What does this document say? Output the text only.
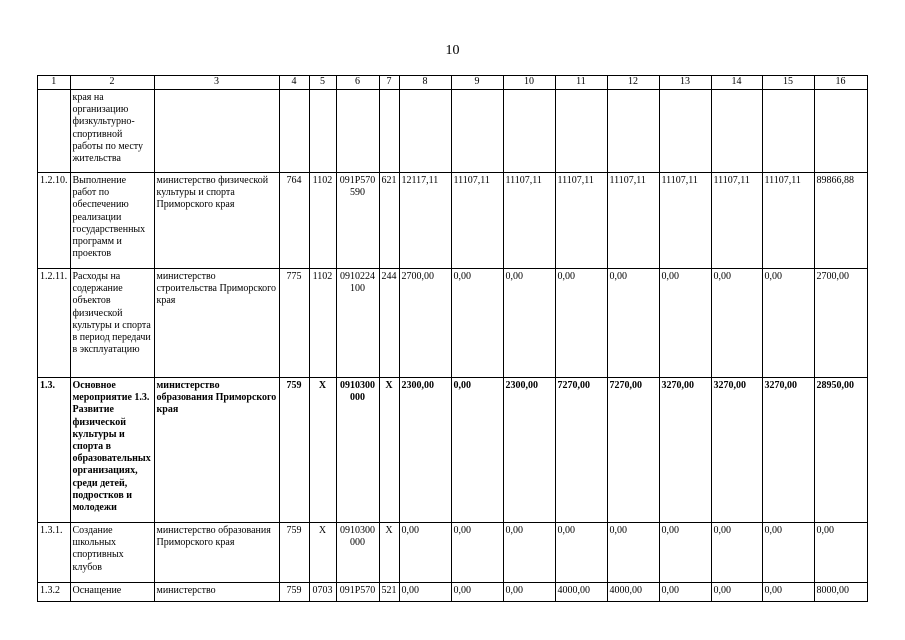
10
1	2	3	4	5	6	7	8	9	10	11	12	13	14	15	16
	края на организацию физкультурно-спортивной работы по месту жительства														
1.2.10.	Выполнение работ по обеспечению реализации государственных программ и проектов	министерство физической культуры и спорта Приморского края	764	1102	091P570590	621	12117,11	11107,11	11107,11	11107,11	11107,11	11107,11	11107,11	11107,11	89866,88
1.2.11.	Расходы на содержание объектов физической культуры и спорта в период передачи в эксплуатацию	министерство строительства Приморского края	775	1102	0910224100	244	2700,00	0,00	0,00	0,00	0,00	0,00	0,00	0,00	2700,00
1.3.	Основное мероприятие 1.3. Развитие физической культуры и спорта в образовательных организациях, среди детей, подростков и молодежи	министерство образования Приморского края	759	X	0910300000	X	2300,00	0,00	2300,00	7270,00	7270,00	3270,00	3270,00	3270,00	28950,00
1.3.1.	Создание школьных спортивных клубов	министерство образования Приморского края	759	X	0910300000	X	0,00	0,00	0,00	0,00	0,00	0,00	0,00	0,00	0,00
1.3.2	Оснащение	министерство	759	0703	091P570	521	0,00	0,00	0,00	4000,00	4000,00	0,00	0,00	0,00	8000,00
